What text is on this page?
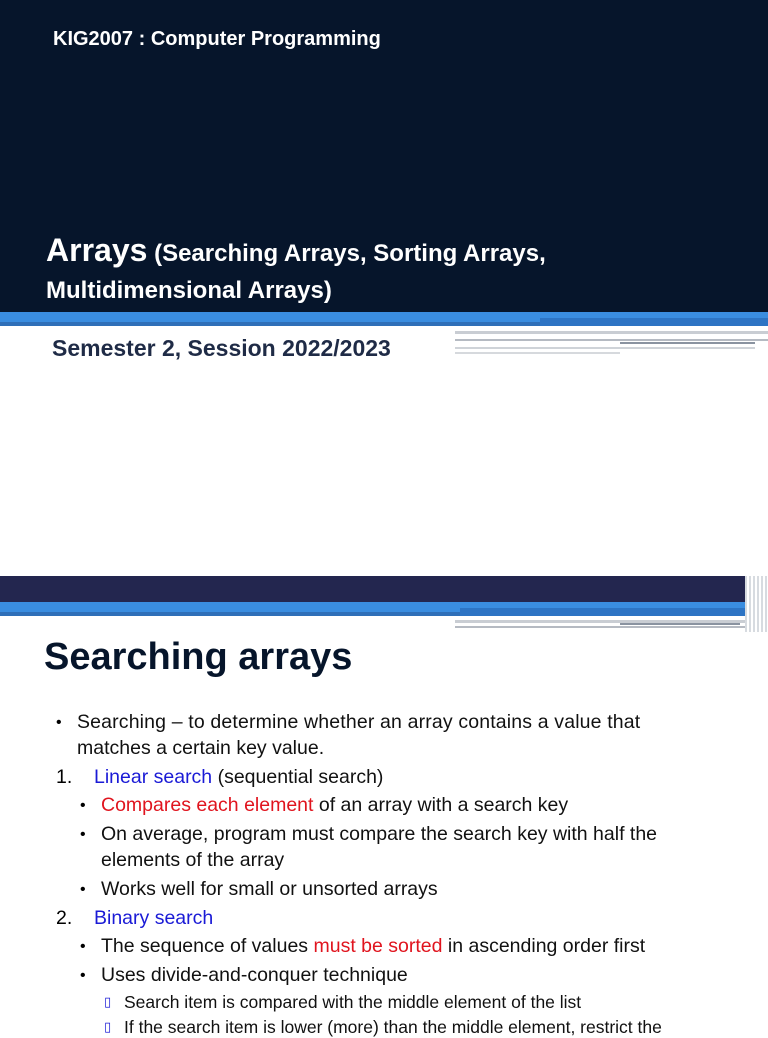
KIG2007 : Computer Programming
Arrays (Searching Arrays, Sorting Arrays,
Multidimensional Arrays)
Semester 2, Session 2022/2023
Searching arrays
• Searching – to determine whether an array contains a value that
matches a certain key value.
1. Linear search (sequential search)
• Compares each element of an array with a search key
• On average, program must compare the search key with half the
elements of the array
• Works well for small or unsorted arrays
2. Binary search
• The sequence of values must be sorted in ascending order first
• Uses divide-and-conquer technique
▯ Search item is compared with the middle element of the list
▯ If the search item is lower (more) than the middle element, restrict the
